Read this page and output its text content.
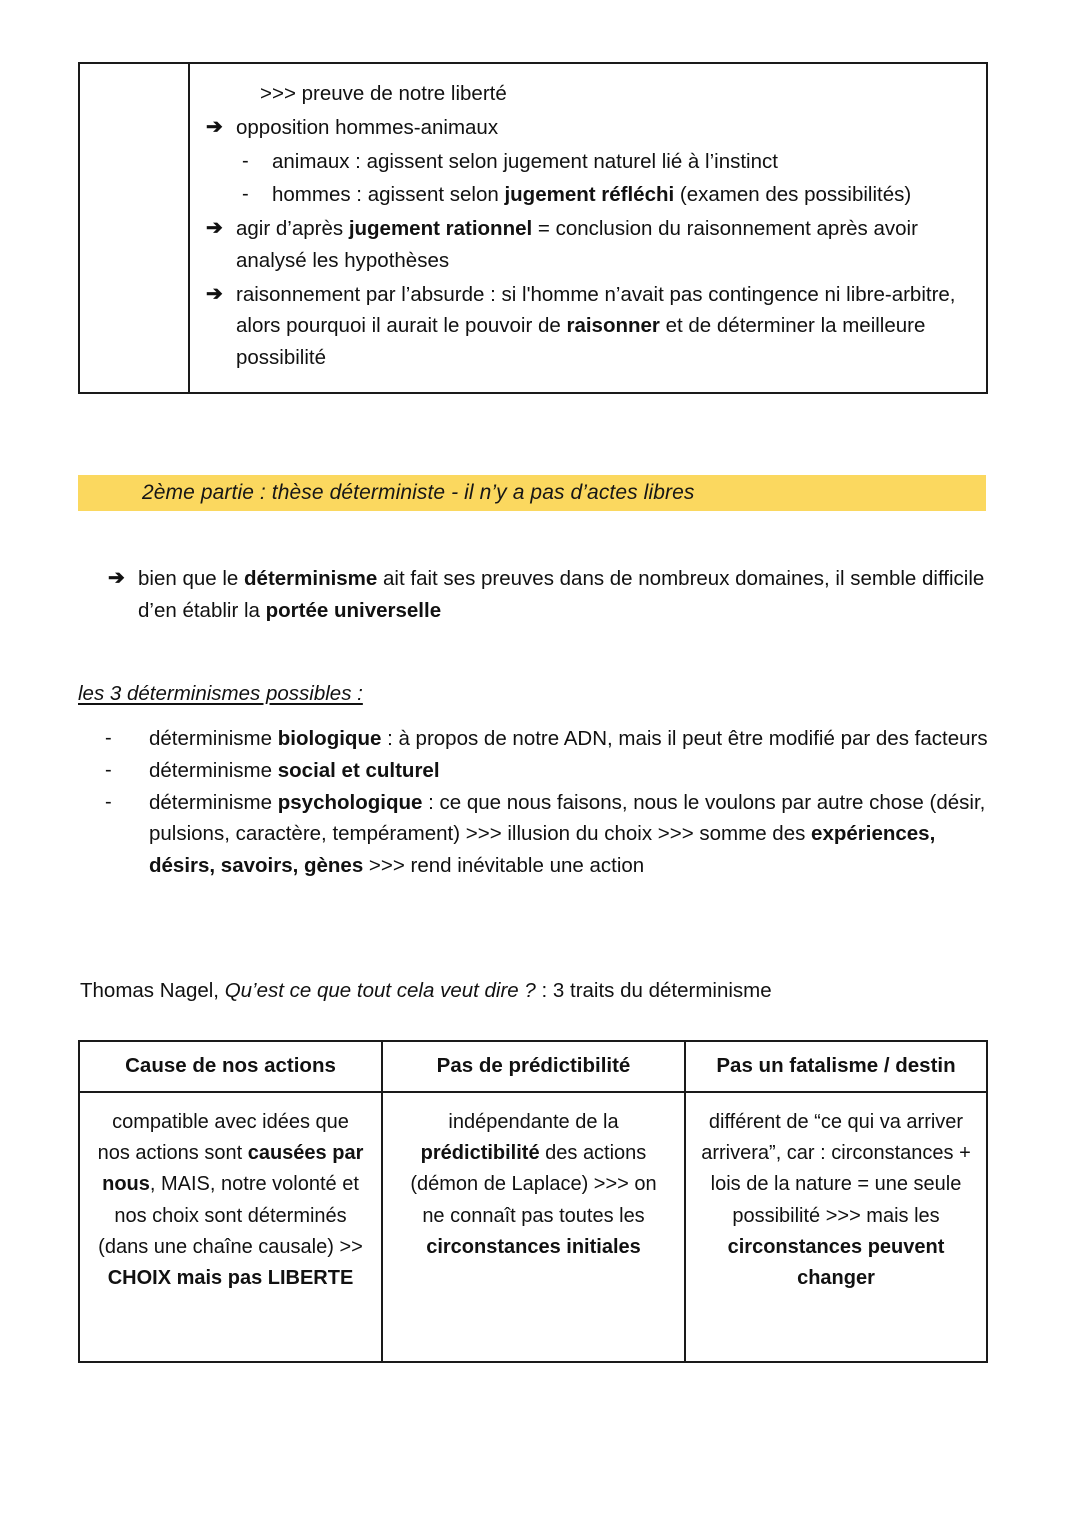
>>> preuve de notre liberté
➔ opposition hommes-animaux
-	animaux : agissent selon jugement naturel lié à l’instinct
-	hommes : agissent selon jugement réfléchi (examen des possibilités)
➔ agir d’après jugement rationnel = conclusion du raisonnement après avoir analysé les hypothèses
➔ raisonnement par l’absurde : si l'homme n’avait pas contingence ni libre-arbitre, alors pourquoi il aurait le pouvoir de raisonner et de déterminer la meilleure possibilité
2ème partie : thèse déterministe - il n’y a pas d’actes libres
➔ bien que le déterminisme ait fait ses preuves dans de nombreux domaines, il semble difficile d’en établir la portée universelle
les 3 déterminismes possibles :
-	déterminisme biologique : à propos de notre ADN, mais il peut être modifié par des facteurs
-	déterminisme social et culturel
-	déterminisme psychologique : ce que nous faisons, nous le voulons par autre chose (désir, pulsions, caractère, tempérament) >>> illusion du choix >>> somme des expériences, désirs, savoirs, gènes >>> rend inévitable une action
Thomas Nagel, Qu’est ce que tout cela veut dire ? : 3 traits du déterminisme
Cause de nos actions	Pas de prédictibilité	Pas un fatalisme / destin
compatible avec idées que nos actions sont causées par nous, MAIS, notre volonté et nos choix sont déterminés (dans une chaîne causale) >> CHOIX mais pas LIBERTE	indépendante de la prédictibilité des actions (démon de Laplace) >>> on ne connaît pas toutes les circonstances initiales	différent de “ce qui va arriver arrivera”, car : circonstances + lois de la nature = une seule possibilité >>> mais les circonstances peuvent changer
